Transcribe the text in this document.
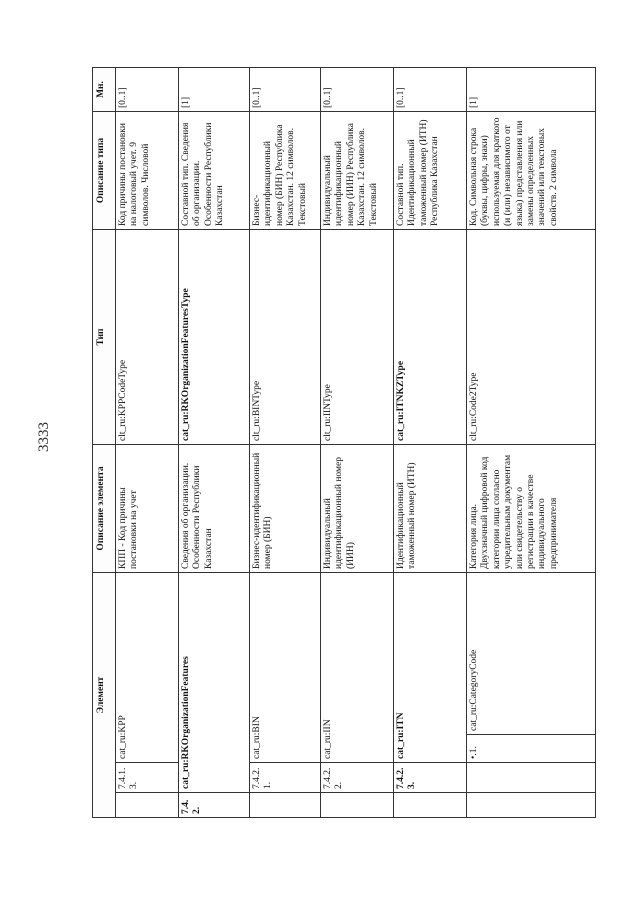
3333
Элемент				Описание элемента	Тип	Описание типа	Мн.
	7.4.1.3.	cat_ru:KPP		КПП - Код причины постановки на учет	clt_ru:KPPCodeType	Код причины постановки на налоговый учет. 9 символов. Числовой	[0..1]
7.4.2.	cat_ru:RKOrganizationFeatures			Сведения об организации. Особенности Республики Казахстан	cat_ru:RKOrganizationFeaturesType	Составной тип. Сведения об организации. Особенности Республики Казахстан	[1]
	7.4.2.1.	cat_ru:BIN		Бизнес-идентификационный номер (БИН)	clt_ru:BINType	Бизнес-идентификационный номер (БИН) Республика Казахстан. 12 символов. Текстовый	[0..1]
	7.4.2.2.	cat_ru:IIN		Индивидуальный идентификационный номер (ИИН)	clt_ru:IINType	Индивидуальный идентификационный номер (ИИН) Республика Казахстан. 12 символов. Текстовый	[0..1]
	7.4.2.3.	cat_ru:ITN		Идентификационный таможенный номер (ИТН)	cat_ru:ITNKZType	Составной тип. Идентификационный таможенный номер (ИТН) Республика Казахстан	[0..1]
		•.1.	cat_ru:CategoryCode	Категория лица. Двухзначный цифровой код категории лица согласно учредительным документам или свидетельству о регистрации в качестве индивидуального предпринимателя	clt_ru:Code2Type	Код. Символьная строка (буквы, цифры, знаки) используемая для краткого (и (или) независимого от языка) представления или замены определенных значений или текстовых свойств. 2 символа	[1]
